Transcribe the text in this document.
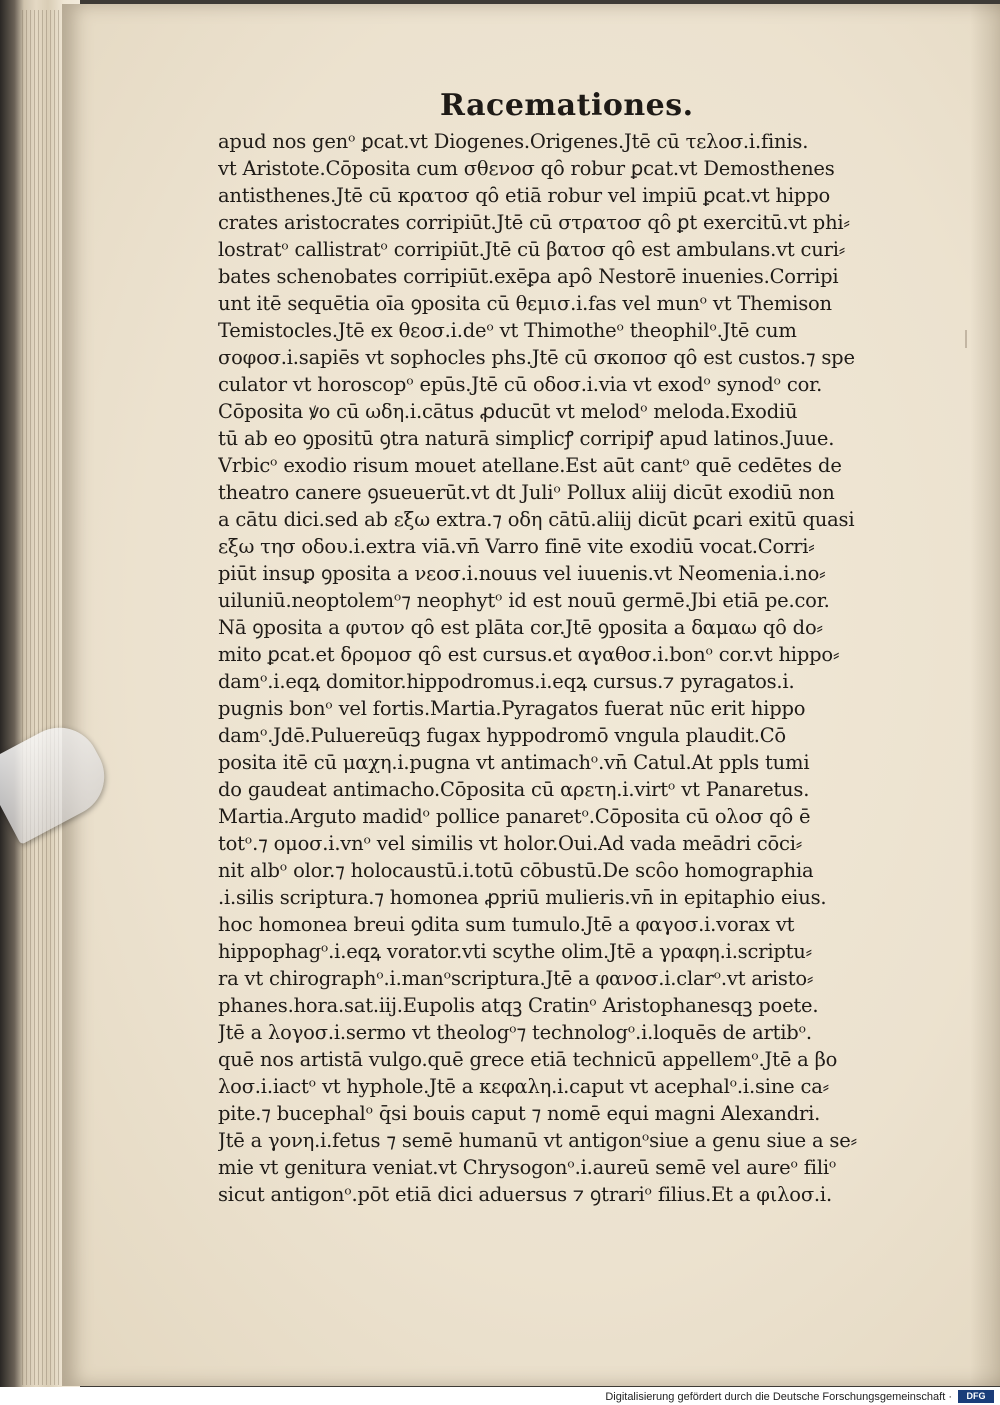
Racemationes.
apud nos genᵒ ꝑcat.vt Diogenes.Origenes.Jtē cū τελοσ.i.finis.
vt Aristote.Cōposita cum σθενοσ qȏ robur ꝑcat.vt Demosthenes
antisthenes.Jtē cū κρατοσ qȏ etiā robur vel impiū ꝑcat.vt hippo
crates aristocrates corripiūt.Jtē cū στρατοσ qȏ ꝑt exercitū.vt phi⸗
lostratᵒ callistratᵒ corripiūt.Jtē cū βατοσ qȏ est ambulans.vt curi⸗
bates schenobates corripiūt.exēꝑa apȏ Nestorē inuenies.Corripi
unt itē sequētia oīa ꝯposita cū θεμισ.i.fas vel munᵒ vt Themison
Temistocles.Jtē ex θεοσ.i.deᵒ vt Thimotheᵒ theophilᵒ.Jtē cum
σοφοσ.i.sapiēs vt sophocles phs.Jtē cū σκοποσ qȏ est custos.⁊ spe
culator vt horoscopᵒ epūs.Jtē cū οδοσ.i.via vt exodᵒ synodᵒ cor.
Cōposita ꝟo cū ωδη.i.cātus ꝓducūt vt melodᵒ meloda.Exodiū
tū ab eo ꝯpositū ꝯtra naturā simplicꝭ corripiꝭ apud latinos.Juue.
Vrbicᵒ exodio risum mouet atellane.Est aūt cantᵒ quē cedētes de
theatro canere ꝯsueuerūt.vt dt Juliᵒ Pollux aliij dicūt exodiū non
a cātu dici.sed ab εξω extra.⁊ οδη cātū.aliij dicūt ꝑcari exitū quasi
εξω τησ οδου.i.extra viā.vn̄ Varro finē vite exodiū vocat.Corri⸗
piūt insuꝑ ꝯposita a νεοσ.i.nouus vel iuuenis.vt Neomenia.i.no⸗
uiluniū.neoptolemᵒ⁊ neophytᵒ id est nouū germē.Jbi etiā pe.cor.
Nā ꝯposita a φυτον qȏ est plāta cor.Jtē ꝯposita a δαμαω qȏ do⸗
mito ꝑcat.et δρομοσ qȏ est cursus.et αγαθοσ.i.bonᵒ cor.vt hippo⸗
damᵒ.i.eqꝝ domitor.hippodromus.i.eqꝝ cursus.⁊ pyragatos.i.
pugnis bonᵒ vel fortis.Martia.Pyragatos fuerat nūc erit hippo
damᵒ.Jdē.Puluereūqꝫ fugax hyppodromō vngula plaudit.Cō
posita itē cū μαχη.i.pugna vt antimachᵒ.vn̄ Catul.At ppls tumi
do gaudeat antimacho.Cōposita cū αρετη.i.virtᵒ vt Panaretus.
Martia.Arguto madidᵒ pollice panaretᵒ.Cōposita cū ολοσ qȏ ē
totᵒ.⁊ ομοσ.i.vnᵒ vel similis vt holor.Oui.Ad vada meādri cōci⸗
nit albᵒ olor.⁊ holocaustū.i.totū cōbustū.De scȏo homographia
.i.silis scriptura.⁊ homonea ꝓpriū mulieris.vn̄ in epitaphio eius.
hoc homonea breui ꝯdita sum tumulo.Jtē a φαγοσ.i.vorax vt
hippophagᵒ.i.eqꝝ vorator.vti scythe olim.Jtē a γραφη.i.scriptu⸗
ra vt chirographᵒ.i.manᵒscriptura.Jtē a φανοσ.i.clarᵒ.vt aristo⸗
phanes.hora.sat.iij.Eupolis atqꝫ Cratinᵒ Aristophanesqꝫ poete.
Jtē a λογοσ.i.sermo vt theologᵒ⁊ technologᵒ.i.loquēs de artibᵒ.
quē nos artistā vulgo.quē grece etiā technicū appellemᵒ.Jtē a βο
λοσ.i.iactᵒ vt hyphole.Jtē a κεφαλη.i.caput vt acephalᵒ.i.sine ca⸗
pite.⁊ bucephalᵒ q̄si bouis caput ⁊ nomē equi magni Alexandri.
Jtē a γονη.i.fetus ⁊ semē humanū vt antigonᵒsiue a genu siue a se⸗
mie vt genitura veniat.vt Chrysogonᵒ.i.aureū semē vel aureᵒ filiᵒ
sicut antigonᵒ.pōt etiā dici aduersus ⁊ ꝯtrariᵒ filius.Et a φιλοσ.i.
Digitalisierung gefördert durch die Deutsche Forschungsgemeinschaft ·	DFG
